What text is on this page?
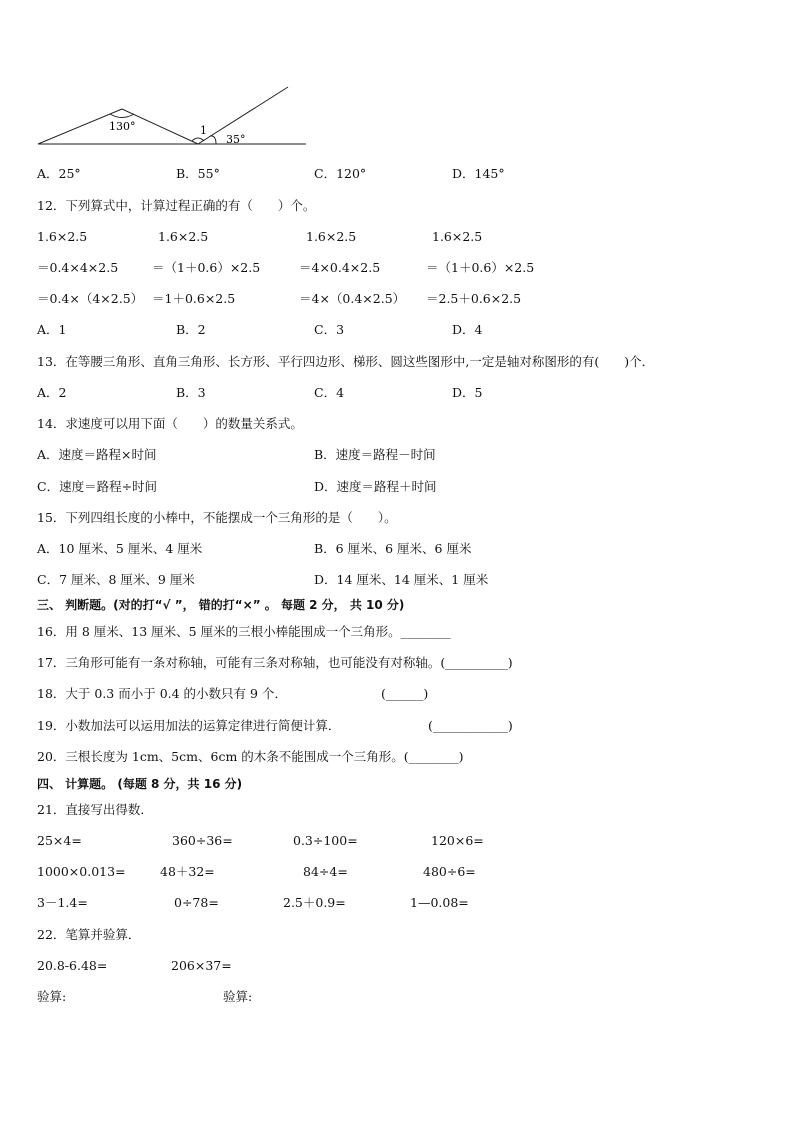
130°	1
35°
A．25°	B．55°	C．120°	D．145°
12．下列算式中，计算过程正确的有（　　）个。
1.6×2.5	1.6×2.5	1.6×2.5	1.6×2.5
＝0.4×4×2.5	＝（1＋0.6）×2.5	＝4×0.4×2.5	＝（1＋0.6）×2.5
＝0.4×（4×2.5） ＝1＋0.6×2.5	＝4×（0.4×2.5） ＝2.5＋0.6×2.5
A．1	B．2	C．3	D．4
13．在等腰三角形、直角三角形、长方形、平行四边形、梯形、圆这些图形中,一定是轴对称图形的有(　　)个．
A．2	B．3	C．4	D．5
14．求速度可以用下面（　　）的数量关系式。
A．速度＝路程×时间	B．速度＝路程－时间
C．速度＝路程÷时间	D．速度＝路程＋时间
15．下列四组长度的小棒中，不能摆成一个三角形的是（　　）。
A．10 厘米、5 厘米、4 厘米	B．6 厘米、6 厘米、6 厘米
C．7 厘米、8 厘米、9 厘米	D．14 厘米、14 厘米、1 厘米
三、 判断题。(对的打“√ ”， 错的打“×” 。 每题 2 分， 共 10 分)
16．用 8 厘米、13 厘米、5 厘米的三根小棒能围成一个三角形。________
17．三角形可能有一条对称轴，可能有三条对称轴，也可能没有对称轴。(__________)
18．大于 0.3 而小于 0.4 的小数只有 9 个．	(______)
19．小数加法可以运用加法的运算定律进行简便计算．	(____________)
20．三根长度为 1cm、5cm、6cm 的木条不能围成一个三角形。(________)
四、 计算题。 (每题 8 分，共 16 分)
21．直接写出得数．
25×4=	360÷36=	0.3÷100=	120×6=
1000×0.013=	48＋32=	84÷4=	480÷6=
3－1.4=	0÷78=	2.5＋0.9=	1—0.08=
22．笔算并验算．
20.8-6.48=	206×37=
验算:	验算:
